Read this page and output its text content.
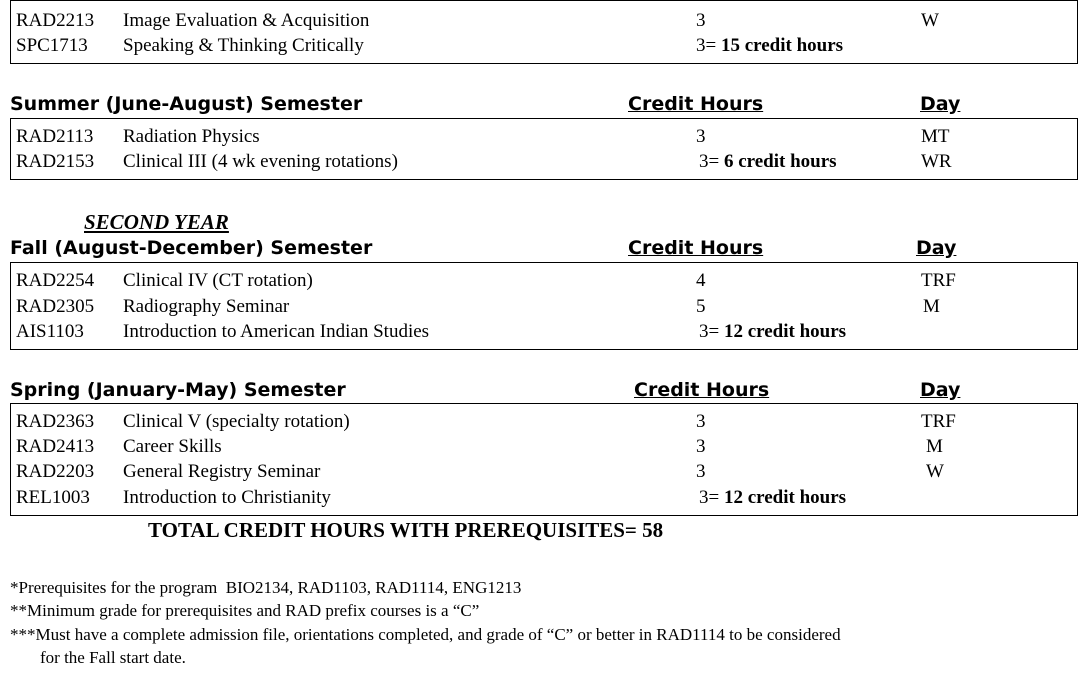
RAD2213 Image Evaluation & Acquisition	3	W
SPC1713 Speaking & Thinking Critically	3= 15 credit hours
Summer (June-August) Semester	Credit Hours	Day
RAD2113 Radiation Physics	3	MT
RAD2153 Clinical III (4 wk evening rotations)	3= 6 credit hours	WR
SECOND YEAR
Fall (August-December) Semester	Credit Hours	Day
RAD2254 Clinical IV (CT rotation)	4	TRF
RAD2305 Radiography Seminar	5	M
AIS1103 Introduction to American Indian Studies	3= 12 credit hours
Spring (January-May) Semester	Credit Hours	Day
RAD2363 Clinical V (specialty rotation)	3	TRF
RAD2413 Career Skills	3	M
RAD2203 General Registry Seminar	3	W
REL1003 Introduction to Christianity	3= 12 credit hours
TOTAL CREDIT HOURS WITH PREREQUISITES= 58
*Prerequisites for the program  BIO2134, RAD1103, RAD1114, ENG1213
**Minimum grade for prerequisites and RAD prefix courses is a “C”
***Must have a complete admission file, orientations completed, and grade of “C” or better in RAD1114 to be considered
for the Fall start date.
